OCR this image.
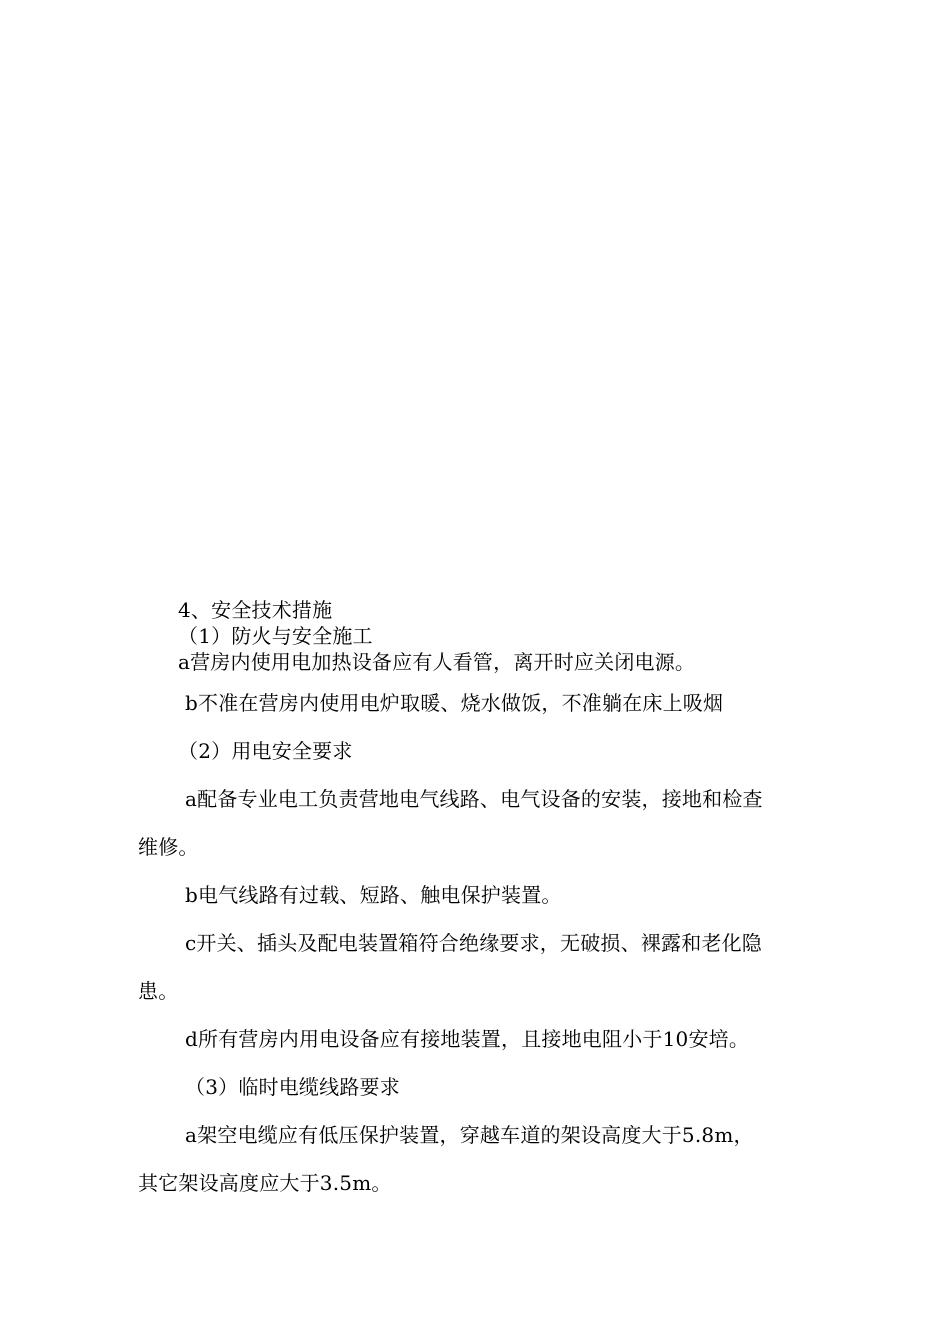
4、安全技术措施
（1）防火与安全施工
a营房内使用电加热设备应有人看管，离开时应关闭电源。
b不准在营房内使用电炉取暖、烧水做饭，不准躺在床上吸烟
（2）用电安全要求
a配备专业电工负责营地电气线路、电气设备的安装，接地和检查
维修。
b电气线路有过载、短路、触电保护装置。
c开关、插头及配电装置箱符合绝缘要求，无破损、裸露和老化隐
患。
d所有营房内用电设备应有接地装置，且接地电阻小于10安培。
（3）临时电缆线路要求
a架空电缆应有低压保护装置，穿越车道的架设高度大于5.8m，
其它架设高度应大于3.5m。
